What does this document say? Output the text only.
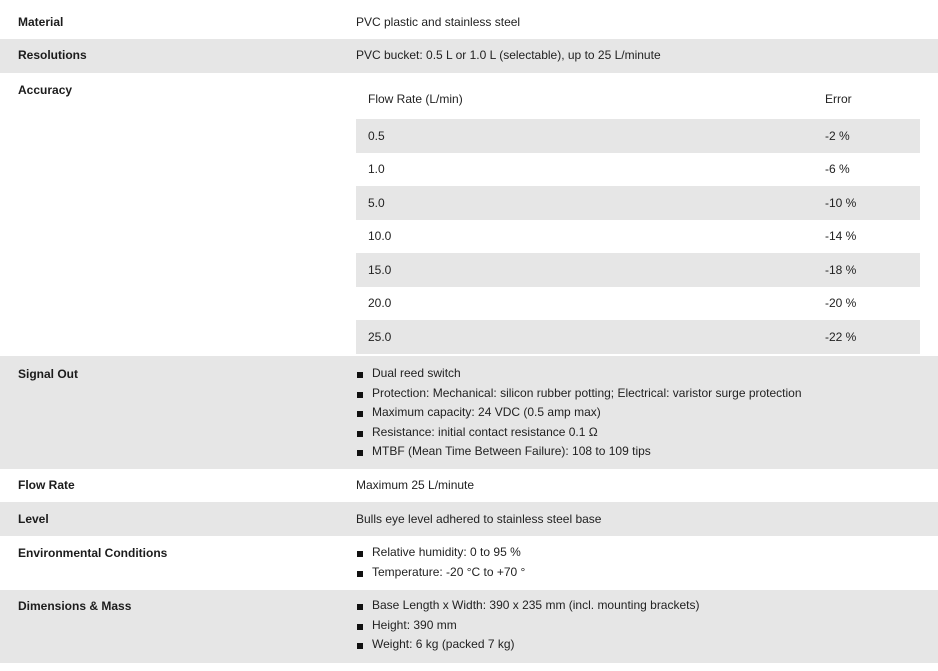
Material	PVC plastic and stainless steel
Resolutions	PVC bucket: 0.5 L or 1.0 L (selectable), up to 25 L/minute
Accuracy
Flow Rate (L/min)	Error
0.5	-2 %
1.0	-6 %
5.0	-10 %
10.0	-14 %
15.0	-18 %
20.0	-20 %
25.0	-22 %
Signal Out	Dual reed switch
Protection: Mechanical: silicon rubber potting; Electrical: varistor surge protection
Maximum capacity: 24 VDC (0.5 amp max)
Resistance: initial contact resistance 0.1 Ω
MTBF (Mean Time Between Failure): 108 to 109 tips
Flow Rate	Maximum 25 L/minute
Level	Bulls eye level adhered to stainless steel base
Environmental Conditions	Relative humidity: 0 to 95 %
Temperature: -20 °C to +70 °
Dimensions & Mass	Base Length x Width: 390 x 235 mm (incl. mounting brackets)
Height: 390 mm
Weight: 6 kg (packed 7 kg)
